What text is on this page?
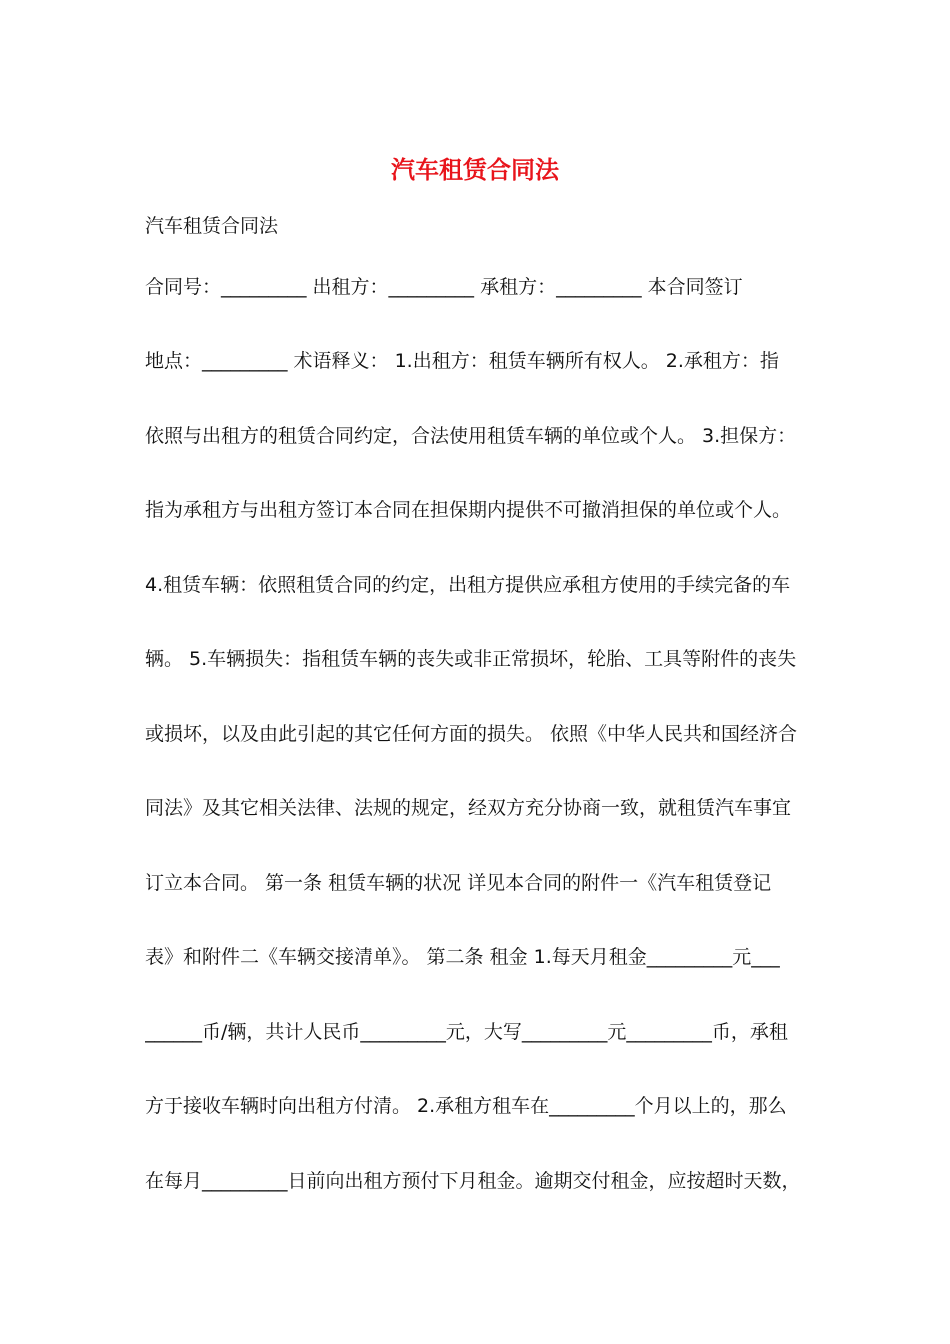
汽车租赁合同法
汽车租赁合同法
合同号：_________ 出租方：_________ 承租方：_________ 本合同签订
地点：_________ 术语释义： 1.出租方：租赁车辆所有权人。 2.承租方：指
依照与出租方的租赁合同约定，合法使用租赁车辆的单位或个人。 3.担保方：
指为承租方与出租方签订本合同在担保期内提供不可撤消担保的单位或个人。
4.租赁车辆：依照租赁合同的约定，出租方提供应承租方使用的手续完备的车
辆。 5.车辆损失：指租赁车辆的丧失或非正常损坏，轮胎、工具等附件的丧失
或损坏，以及由此引起的其它任何方面的损失。 依照《中华人民共和国经济合
同法》及其它相关法律、法规的规定，经双方充分协商一致，就租赁汽车事宜
订立本合同。 第一条 租赁车辆的状况 详见本合同的附件一《汽车租赁登记
表》和附件二《车辆交接清单》。 第二条 租金 1.每天月租金_________元___
______币/辆，共计人民币_________元，大写_________元_________币，承租
方于接收车辆时向出租方付清。 2.承租方租车在_________个月以上的，那么
在每月_________日前向出租方预付下月租金。逾期交付租金，应按超时天数，
